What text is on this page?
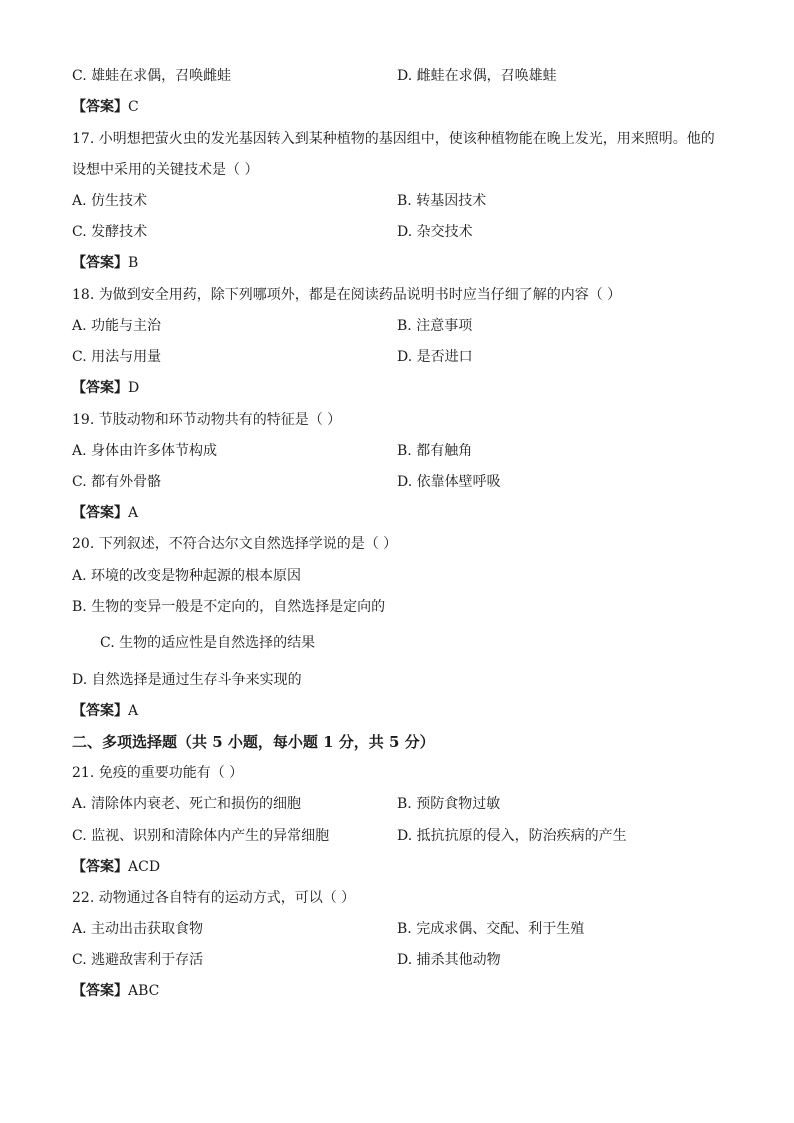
C. 雄蛙在求偶，召唤雌蛙	D. 雌蛙在求偶，召唤雄蛙
【答案】C
17. 小明想把萤火虫的发光基因转入到某种植物的基因组中，使该种植物能在晚上发光，用来照明。他的设想中采用的关键技术是（ ）
A. 仿生技术	B. 转基因技术
C. 发酵技术	D. 杂交技术
【答案】B
18. 为做到安全用药，除下列哪项外，都是在阅读药品说明书时应当仔细了解的内容（ ）
A. 功能与主治	B. 注意事项
C. 用法与用量	D. 是否进口
【答案】D
19. 节肢动物和环节动物共有的特征是（ ）
A. 身体由许多体节构成	B. 都有触角
C. 都有外骨骼	D. 依靠体壁呼吸
【答案】A
20. 下列叙述，不符合达尔文自然选择学说的是（ ）
A. 环境的改变是物种起源的根本原因
B. 生物的变异一般是不定向的，自然选择是定向的
C. 生物的适应性是自然选择的结果
D. 自然选择是通过生存斗争来实现的
【答案】A
二、多项选择题（共 5 小题，每小题 1 分，共 5 分）
21. 免疫的重要功能有（ ）
A. 清除体内衰老、死亡和损伤的细胞	B. 预防食物过敏
C. 监视、识别和清除体内产生的异常细胞	D. 抵抗抗原的侵入，防治疾病的产生
【答案】ACD
22. 动物通过各自特有的运动方式，可以（ ）
A. 主动出击获取食物	B. 完成求偶、交配、利于生殖
C. 逃避敌害利于存活	D. 捕杀其他动物
【答案】ABC
